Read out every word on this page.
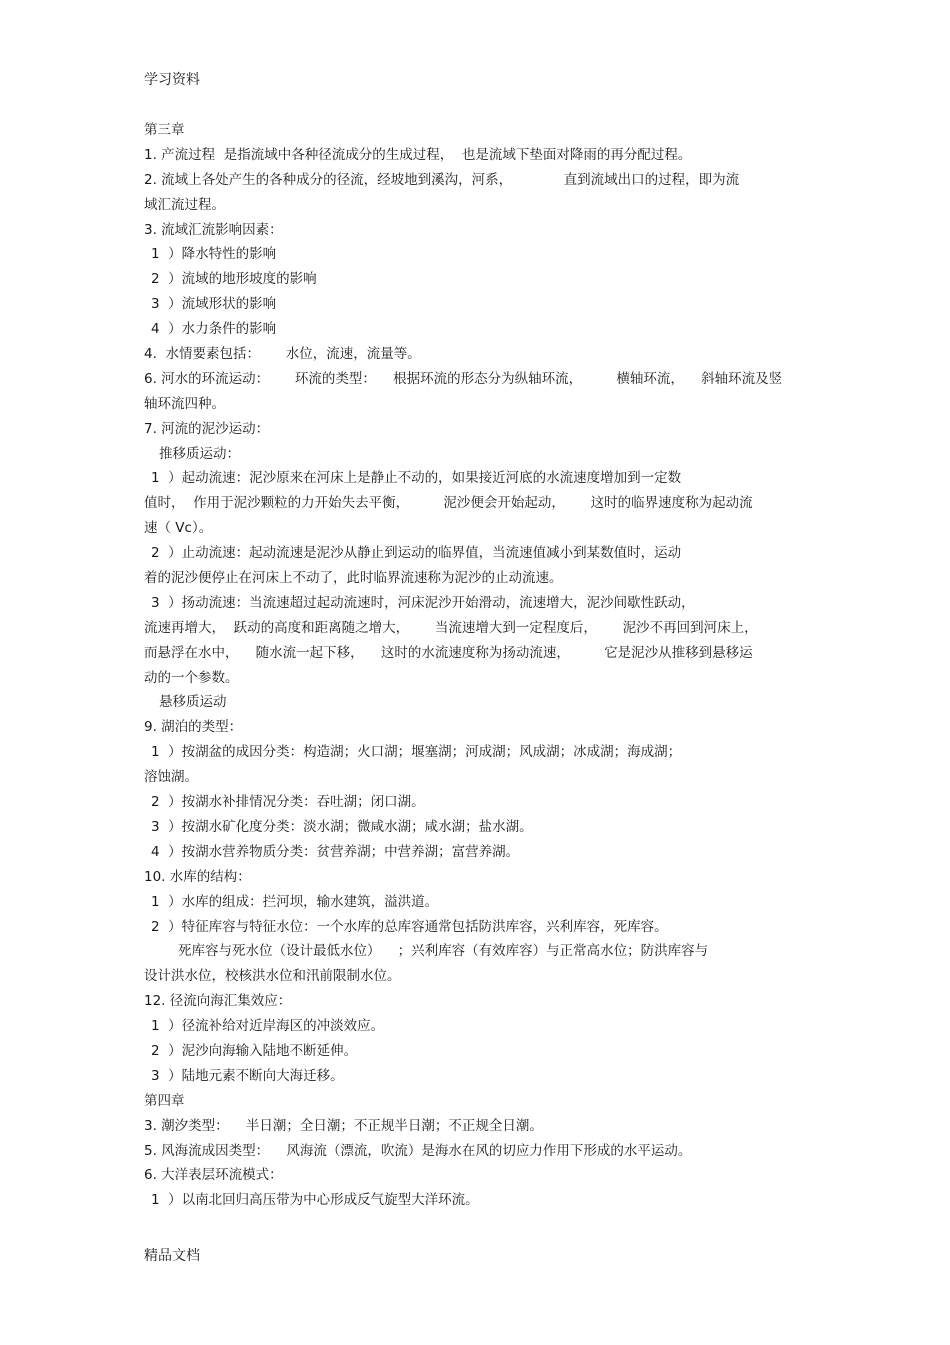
学习资料
第三章
1. 产流过程  是指流域中各种径流成分的生成过程，  也是流域下垫面对降雨的再分配过程。
2. 流域上各处产生的各种成分的径流，经坡地到溪沟，河系，            直到流域出口的过程，即为流
域汇流过程。
3. 流域汇流影响因素：
1  ）降水特性的影响
2  ）流域的地形坡度的影响
3  ）流域形状的影响
4  ）水力条件的影响
4.  水情要素包括：      水位，流速，流量等。
6. 河水的环流运动：      环流的类型：    根据环流的形态分为纵轴环流，        横轴环流，    斜轴环流及竖
轴环流四种。
7. 河流的泥沙运动：
推移质运动：
1  ）起动流速：泥沙原来在河床上是静止不动的，如果接近河底的水流速度增加到一定数
值时，  作用于泥沙颗粒的力开始失去平衡，        泥沙便会开始起动，      这时的临界速度称为起动流
速（ Vc）。
2  ）止动流速：起动流速是泥沙从静止到运动的临界值，当流速值减小到某数值时，运动
着的泥沙便停止在河床上不动了，此时临界流速称为泥沙的止动流速。
3  ）扬动流速：当流速超过起动流速时，河床泥沙开始滑动，流速增大，泥沙间歇性跃动，
流速再增大，  跃动的高度和距离随之增大，      当流速增大到一定程度后，      泥沙不再回到河床上，
而悬浮在水中，    随水流一起下移，    这时的水流速度称为扬动流速，        它是泥沙从推移到悬移运
动的一个参数。
悬移质运动
9. 湖泊的类型：
1  ）按湖盆的成因分类：构造湖；火口湖；堰塞湖；河成湖；风成湖；冰成湖；海成湖；
溶蚀湖。
2  ）按湖水补排情况分类：吞吐湖；闭口湖。
3  ）按湖水矿化度分类：淡水湖；微咸水湖；咸水湖；盐水湖。
4  ）按湖水营养物质分类：贫营养湖；中营养湖；富营养湖。
10. 水库的结构：
1  ）水库的组成：拦河坝，输水建筑，溢洪道。
2  ）特征库容与特征水位：一个水库的总库容通常包括防洪库容，兴利库容，死库容。
死库容与死水位（设计最低水位）    ；兴利库容（有效库容）与正常高水位；防洪库容与
设计洪水位，校核洪水位和汛前限制水位。
12. 径流向海汇集效应：
1  ）径流补给对近岸海区的冲淡效应。
2  ）泥沙向海输入陆地不断延伸。
3  ）陆地元素不断向大海迁移。
第四章
3. 潮汐类型：    半日潮；全日潮；不正规半日潮；不正规全日潮。
5. 风海流成因类型：    风海流（漂流，吹流）是海水在风的切应力作用下形成的水平运动。
6. 大洋表层环流模式：
1  ）以南北回归高压带为中心形成反气旋型大洋环流。
精品文档
